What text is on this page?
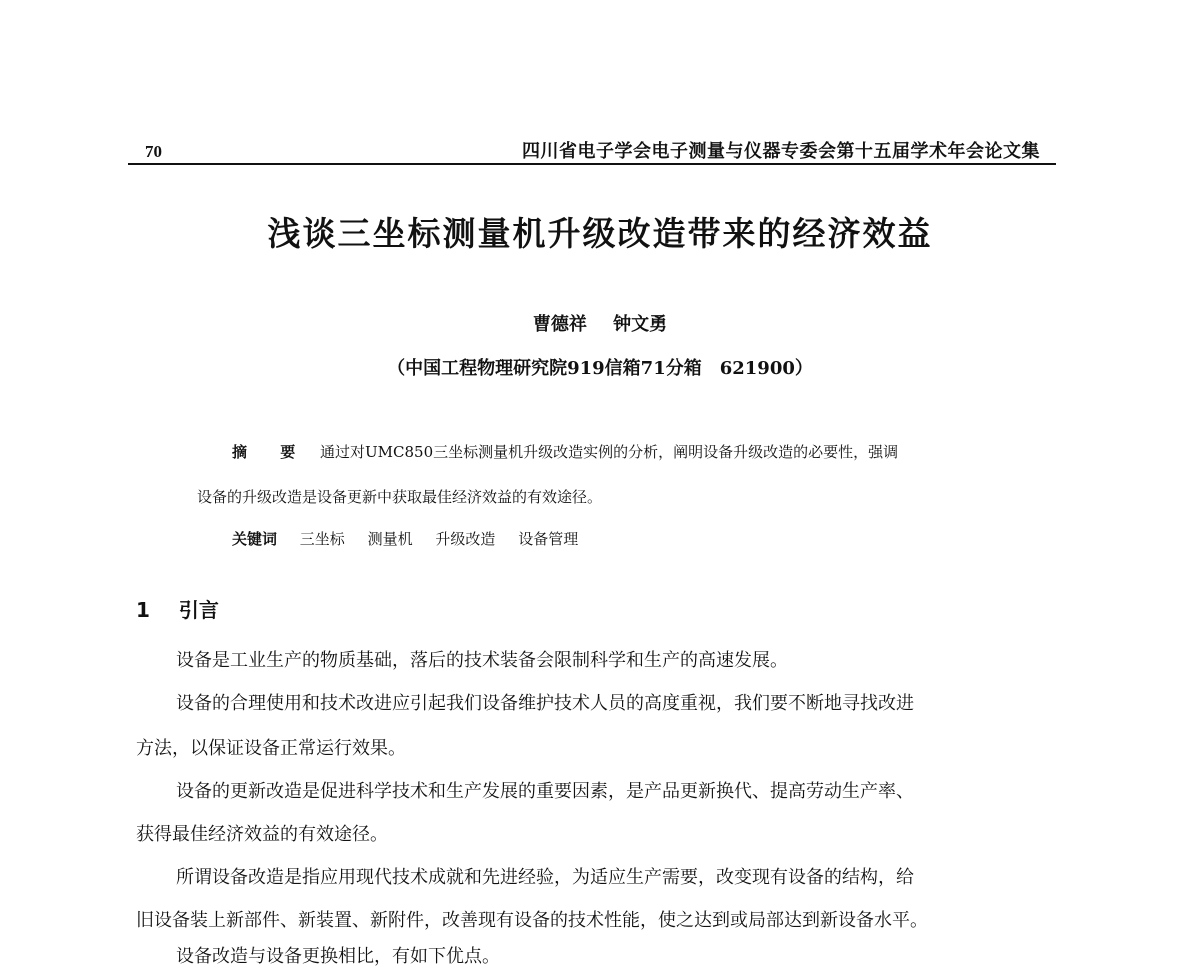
70	四川省电子学会电子测量与仪器专委会第十五届学术年会论文集
浅谈三坐标测量机升级改造带来的经济效益
曹德祥 钟文勇
（中国工程物理研究院919信箱71分箱　621900）
摘 要 通过对UMC850三坐标测量机升级改造实例的分析，阐明设备升级改造的必要性，强调
设备的升级改造是设备更新中获取最佳经济效益的有效途径。
关键词 三坐标 测量机 升级改造 设备管理
1 引言
设备是工业生产的物质基础，落后的技术装备会限制科学和生产的高速发展。
设备的合理使用和技术改进应引起我们设备维护技术人员的高度重视，我们要不断地寻找改进
方法，以保证设备正常运行效果。
设备的更新改造是促进科学技术和生产发展的重要因素，是产品更新换代、提高劳动生产率、
获得最佳经济效益的有效途径。
所谓设备改造是指应用现代技术成就和先进经验，为适应生产需要，改变现有设备的结构，给
旧设备装上新部件、新装置、新附件，改善现有设备的技术性能，使之达到或局部达到新设备水平。
设备改造与设备更换相比，有如下优点。
